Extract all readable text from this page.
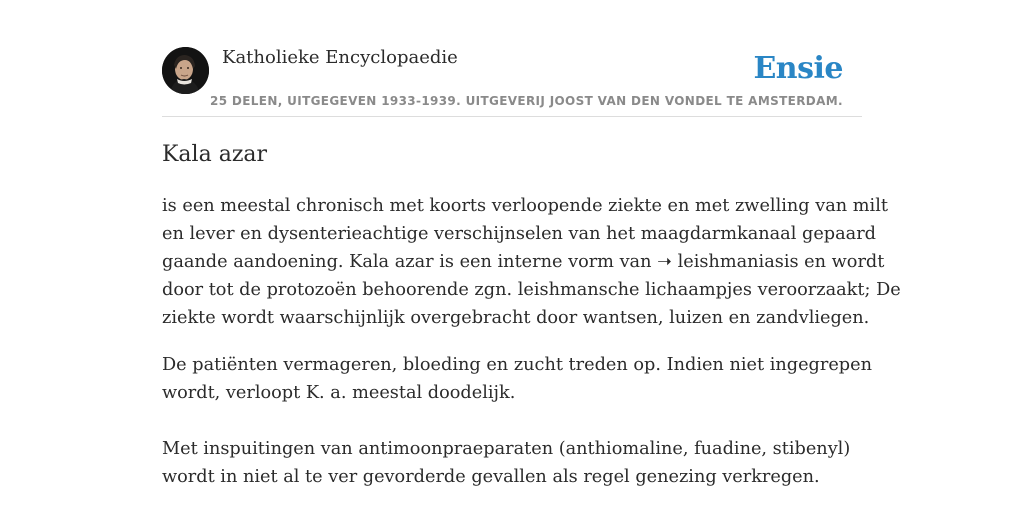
Katholieke Encyclopaedie	Ensie
25 DELEN, UITGEGEVEN 1933-1939. UITGEVERIJ JOOST VAN DEN VONDEL TE AMSTERDAM.
Kala azar

is een meestal chronisch met koorts verloopende ziekte en met zwelling van milt
en lever en dysenterieachtige verschijnselen van het maagdarmkanaal gepaard
gaande aandoening. Kala azar is een interne vorm van ➝ leishmaniasis en wordt
door tot de protozoën behoorende zgn. leishmansche lichaampjes veroorzaakt; De
ziekte wordt waarschijnlijk overgebracht door wantsen, luizen en zandvliegen.

De patiënten vermageren, bloeding en zucht treden op. Indien niet ingegrepen
wordt, verloopt K. a. meestal doodelijk.

Met inspuitingen van antimoonpraeparaten (anthiomaline, fuadine, stibenyl)
wordt in niet al te ver gevorderde gevallen als regel genezing verkregen.
